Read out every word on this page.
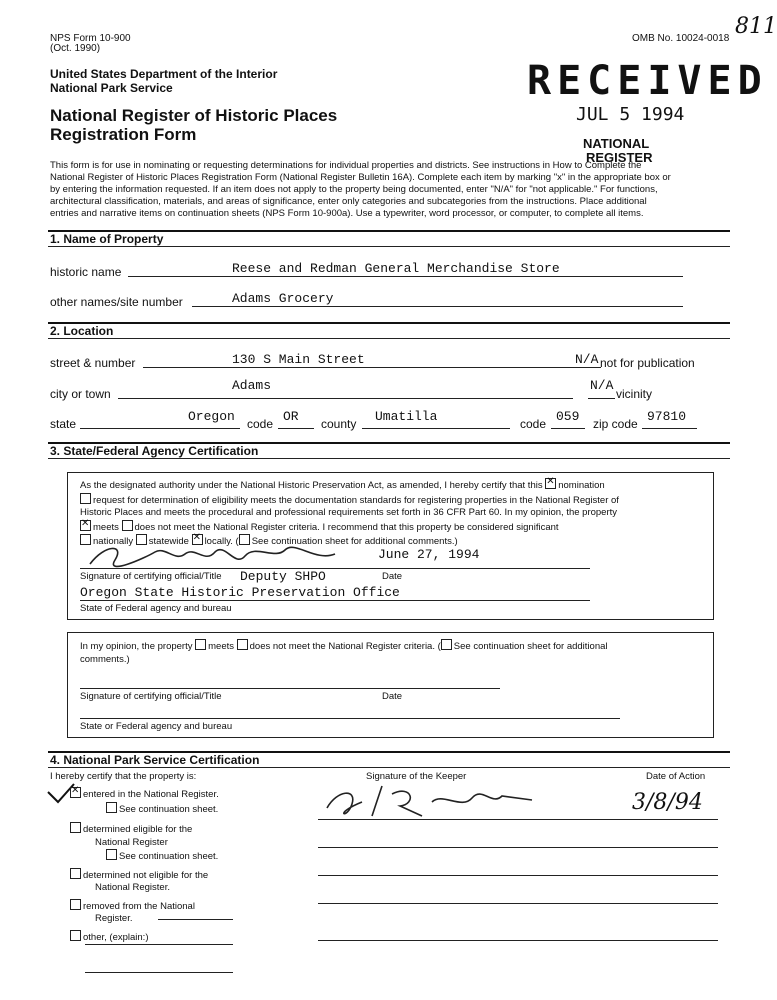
NPS Form 10-900
(Oct. 1990)
OMB No. 10024-0018 811
United States Department of the Interior
National Park Service
National Register of Historic Places
Registration Form
RECEIVED
JUL 5 1994
NATIONAL
REGISTER
This form is for use in nominating or requesting determinations for individual properties and districts. See instructions in How to Complete the
National Register of Historic Places Registration Form (National Register Bulletin 16A). Complete each item by marking "x" in the appropriate box or
by entering the information requested. If an item does not apply to the property being documented, enter "N/A" for "not applicable." For functions,
architectural classification, materials, and areas of significance, enter only categories and subcategories from the instructions. Place additional
entries and narrative items on continuation sheets (NPS Form 10-900a). Use a typewriter, word processor, or computer, to complete all items.
1. Name of Property
historic name	Reese and Redman General Merchandise Store
other names/site number	Adams Grocery
2. Location
street & number	130 S Main Street	N/A not for publication
city or town
Adams	N/A
vicinity
state	Oregon code OR county Umatilla	code 059 zip code 97810
3. State/Federal Agency Certification
As the designated authority under the National Historic Preservation Act, as amended, I hereby certify that this ✕ nomination
request for determination of eligibility meets the documentation standards for registering properties in the National Register of
Historic Places and meets the procedural and professional requirements set forth in 36 CFR Part 60. In my opinion, the property
✕meets does not meet the National Register criteria. I recommend that this property be considered significant
nationally statewide ✕ locally. ( See continuation sheet for additional comments.)
June 27, 1994
Signature of certifying official/Title Deputy SHPO	Date
Oregon State Historic Preservation Office
State of Federal agency and bureau
In my opinion, the property meets does not meet the National Register criteria. ( See continuation sheet for additional
comments.)
Signature of certifying official/Title	Date
State or Federal agency and bureau
4. National Park Service Certification
I hereby certify that the property is:	Signature of the Keeper	Date of Action
3/8/94
✕entered in the National Register.
See continuation sheet.
determined eligible for the
National Register
See continuation sheet.
determined not eligible for the
National Register.
removed from the National
Register.
other, (explain:)
